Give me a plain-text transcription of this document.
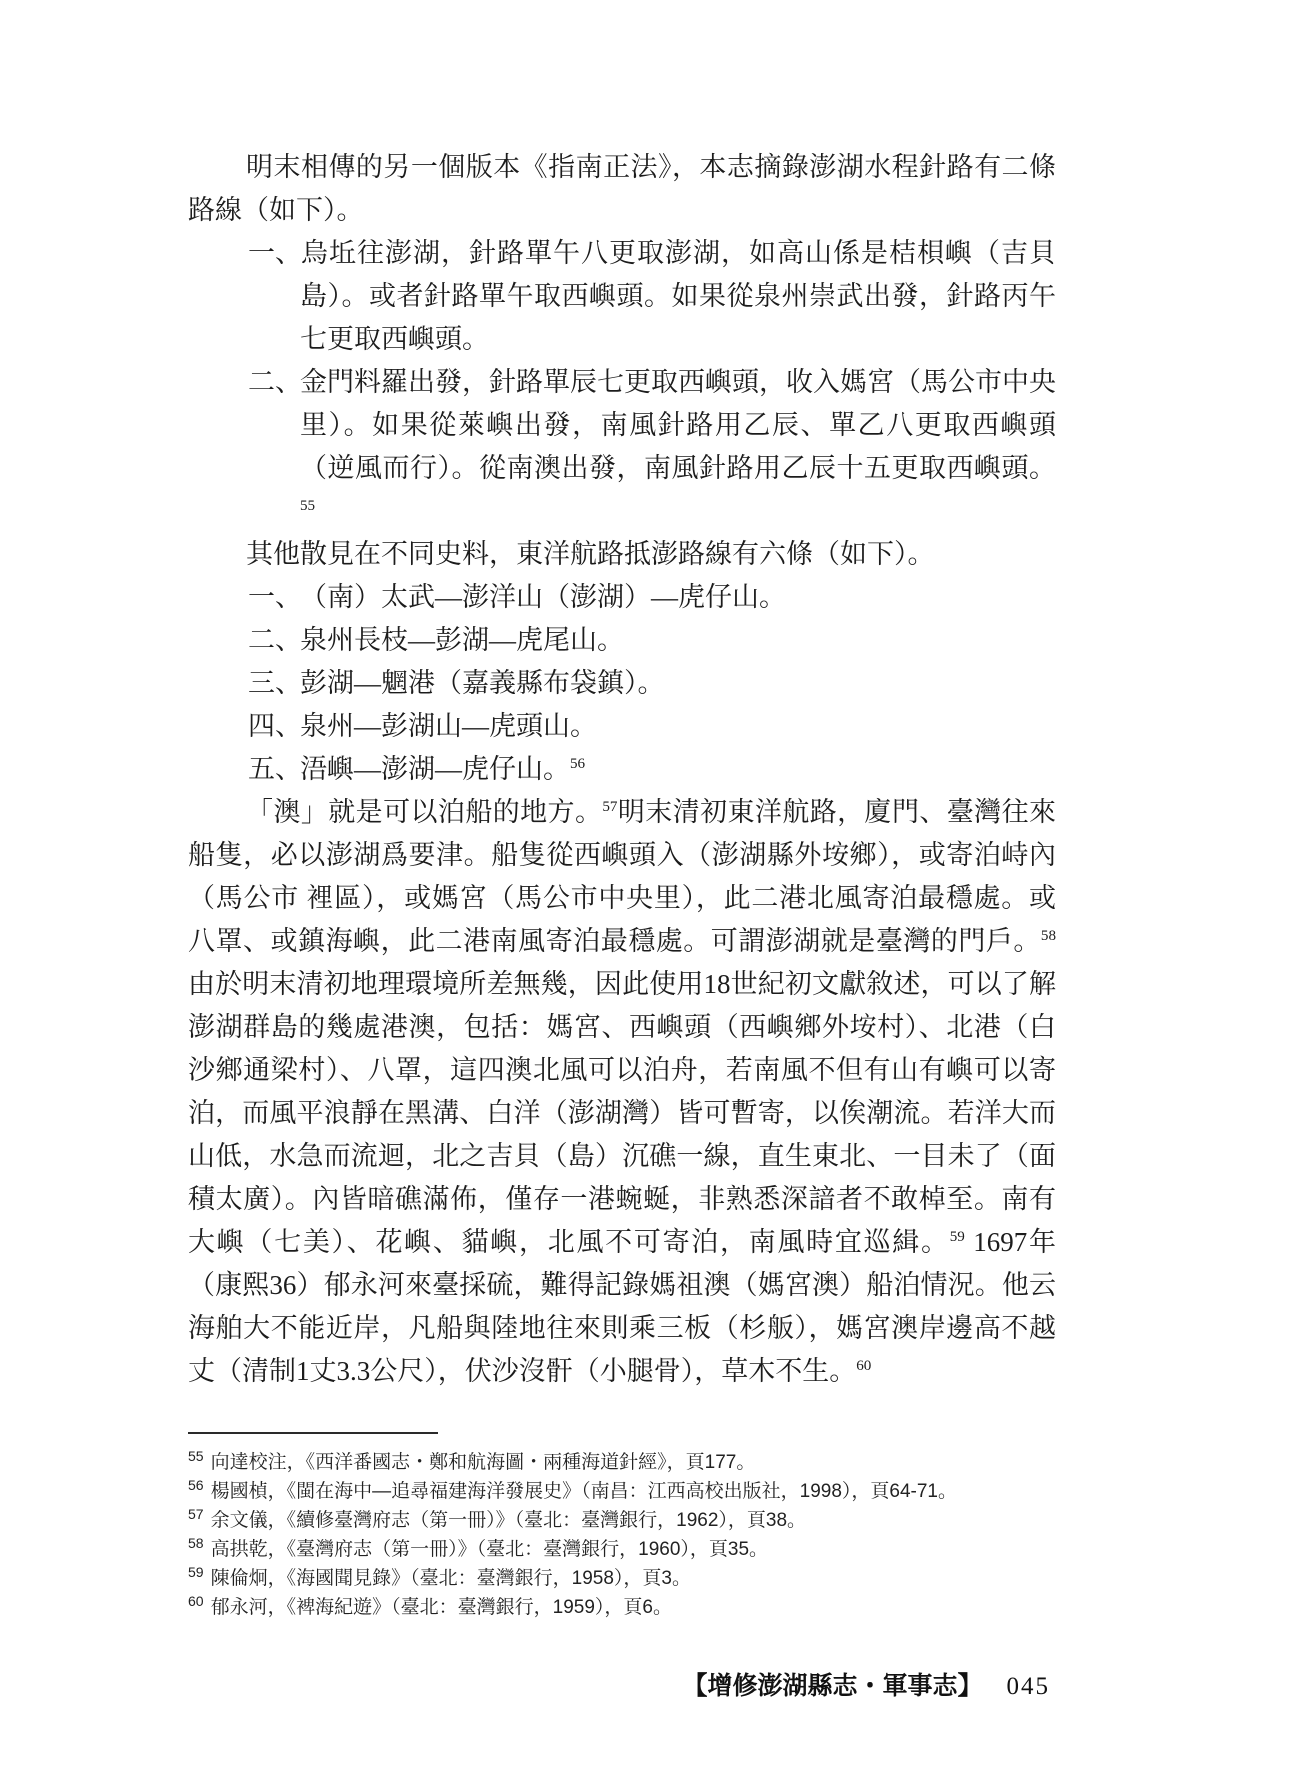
明末相傳的另一個版本《指南正法》，本志摘錄澎湖水程針路有二條路線（如下）。

一、烏坵往澎湖，針路單午八更取澎湖，如高山係是桔梖嶼（吉貝島）。或者針路單午取西嶼頭。如果從泉州崇武出發，針路丙午七更取西嶼頭。

二、金門料羅出發，針路單辰七更取西嶼頭，收入媽宮（馬公市中央里）。如果從萊嶼出發，南風針路用乙辰、單乙八更取西嶼頭（逆風而行）。從南澳出發，南風針路用乙辰十五更取西嶼頭。$^{55}$

其他散見在不同史料，東洋航路抵澎路線有六條（如下）。

一、（南）太武—澎洋山（澎湖）—虎仔山。

二、泉州長枝—彭湖—虎尾山。

三、彭湖—魍港（嘉義縣布袋鎮）。

四、泉州—彭湖山—虎頭山。

五、浯嶼—澎湖—虎仔山。$^{56}$

「澳」就是可以泊船的地方。$^{57}$明末清初東洋航路，廈門、臺灣往來船隻，必以澎湖爲要津。船隻從西嶼頭入（澎湖縣外垵鄉），或寄泊峙內（馬公市 裡區），或媽宮（馬公市中央里），此二港北風寄泊最穩處。或八罩、或鎮海嶼，此二港南風寄泊最穩處。可謂澎湖就是臺灣的門戶。$^{58}$由於明末清初地理環境所差無幾，因此使用18世紀初文獻敘述，可以了解澎湖群島的幾處港澳，包括：媽宮、西嶼頭（西嶼鄉外垵村）、北港（白沙鄉通梁村）、八罩，這四澳北風可以泊舟，若南風不但有山有嶼可以寄泊，而風平浪靜在黑溝、白洋（澎湖灣）皆可暫寄，以俟潮流。若洋大而山低，水急而流迴，北之吉貝（島）沉礁一線，直生東北、一目未了（面積太廣）。內皆暗礁滿佈，僅存一港蜿蜒，非熟悉深諳者不敢棹至。南有大嶼（七美）、花嶼、貓嶼，北風不可寄泊，南風時宜巡緝。$^{59}$ 1697年（康熙36）郁永河來臺採硫，難得記錄媽祖澳（媽宮澳）船泊情況。他云海舶大不能近岸，凡船與陸地往來則乘三板（杉舨），媽宮澳岸邊高不越丈（清制1丈3.3公尺），伏沙沒骭（小腿骨），草木不生。$^{60}$

$^{55}$ 向達校注，《西洋番國志・鄭和航海圖・兩種海道針經》，頁177。

$^{56}$ 楊國楨，《閩在海中—追尋福建海洋發展史》（南昌：江西高校出版社，1998），頁64-71。

$^{57}$ 余文儀，《續修臺灣府志（第一冊）》（臺北：臺灣銀行，1962），頁38。

$^{58}$ 高拱乾，《臺灣府志（第一冊）》（臺北：臺灣銀行，1960），頁35。

$^{59}$ 陳倫炯，《海國聞見錄》（臺北：臺灣銀行，1958），頁3。

$^{60}$ 郁永河，《裨海紀遊》（臺北：臺灣銀行，1959），頁6。

【增修澎湖縣志・軍事志】 045
